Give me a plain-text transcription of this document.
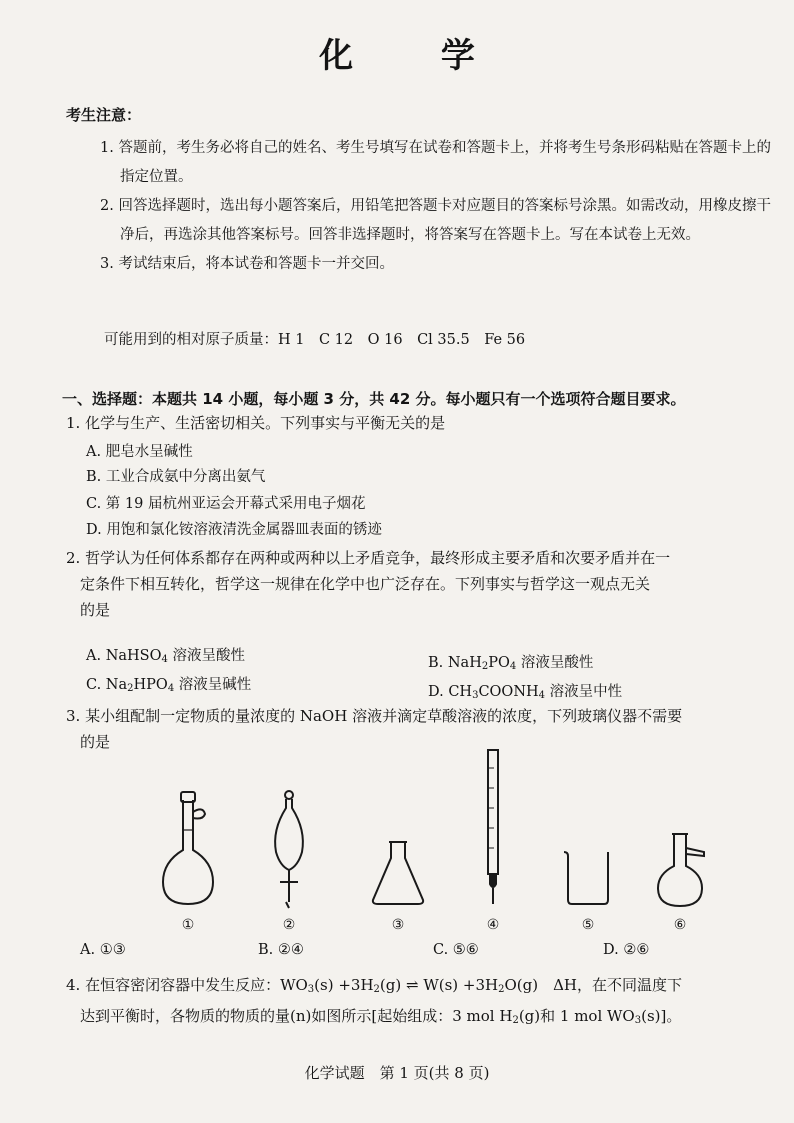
化 学
考生注意：

1. 答题前，考生务必将自己的姓名、考生号填写在试卷和答题卡上，并将考生号条形码粘贴在答题卡上的指定位置。

2. 回答选择题时，选出每小题答案后，用铅笔把答题卡对应题目的答案标号涂黑。如需改动，用橡皮擦干净后，再选涂其他答案标号。回答非选择题时，将答案写在答题卡上。写在本试卷上无效。

3. 考试结束后，将本试卷和答题卡一并交回。

可能用到的相对原子质量：H 1　C 12　O 16　Cl 35.5　Fe 56
一、选择题：本题共 14 小题，每小题 3 分，共 42 分。每小题只有一个选项符合题目要求。

1. 化学与生产、生活密切相关。下列事实与平衡无关的是

A. 肥皂水呈碱性
B. 工业合成氨中分离出氨气
C. 第 19 届杭州亚运会开幕式采用电子烟花
D. 用饱和氯化铵溶液清洗金属器皿表面的锈迹

2. 哲学认为任何体系都存在两种或两种以上矛盾竞争，最终形成主要矛盾和次要矛盾并在一

定条件下相互转化，哲学这一规律在化学中也广泛存在。下列事实与哲学这一观点无关

的是

A. NaHSO$_4$ 溶液呈酸性	B. $NaH_2PO_4$ 溶液呈酸性
C. $Na_2HPO_4$ 溶液呈碱性	D. $CH_3COONH_4$ 溶液呈中性

3. 某小组配制一定物质的量浓度的 NaOH 溶液并滴定草酸溶液的浓度，下列玻璃仪器不需要

的是

①	②	③	④	⑤	⑥
A. ①③	B. ②④	C. ⑤⑥	D. ②⑥

4. 在恒容密闭容器中发生反应：$WO_3(s) +3H_2(g)$ ⇌ $W(s) +3H_2O(g)$　ΔH，在不同温度下

达到平衡时，各物质的物质的量(n)如图所示[起始组成：3 mol $H_2(g)$和 1 mol $WO_3(s)$]。

化学试题　第 1 页(共 8 页)
